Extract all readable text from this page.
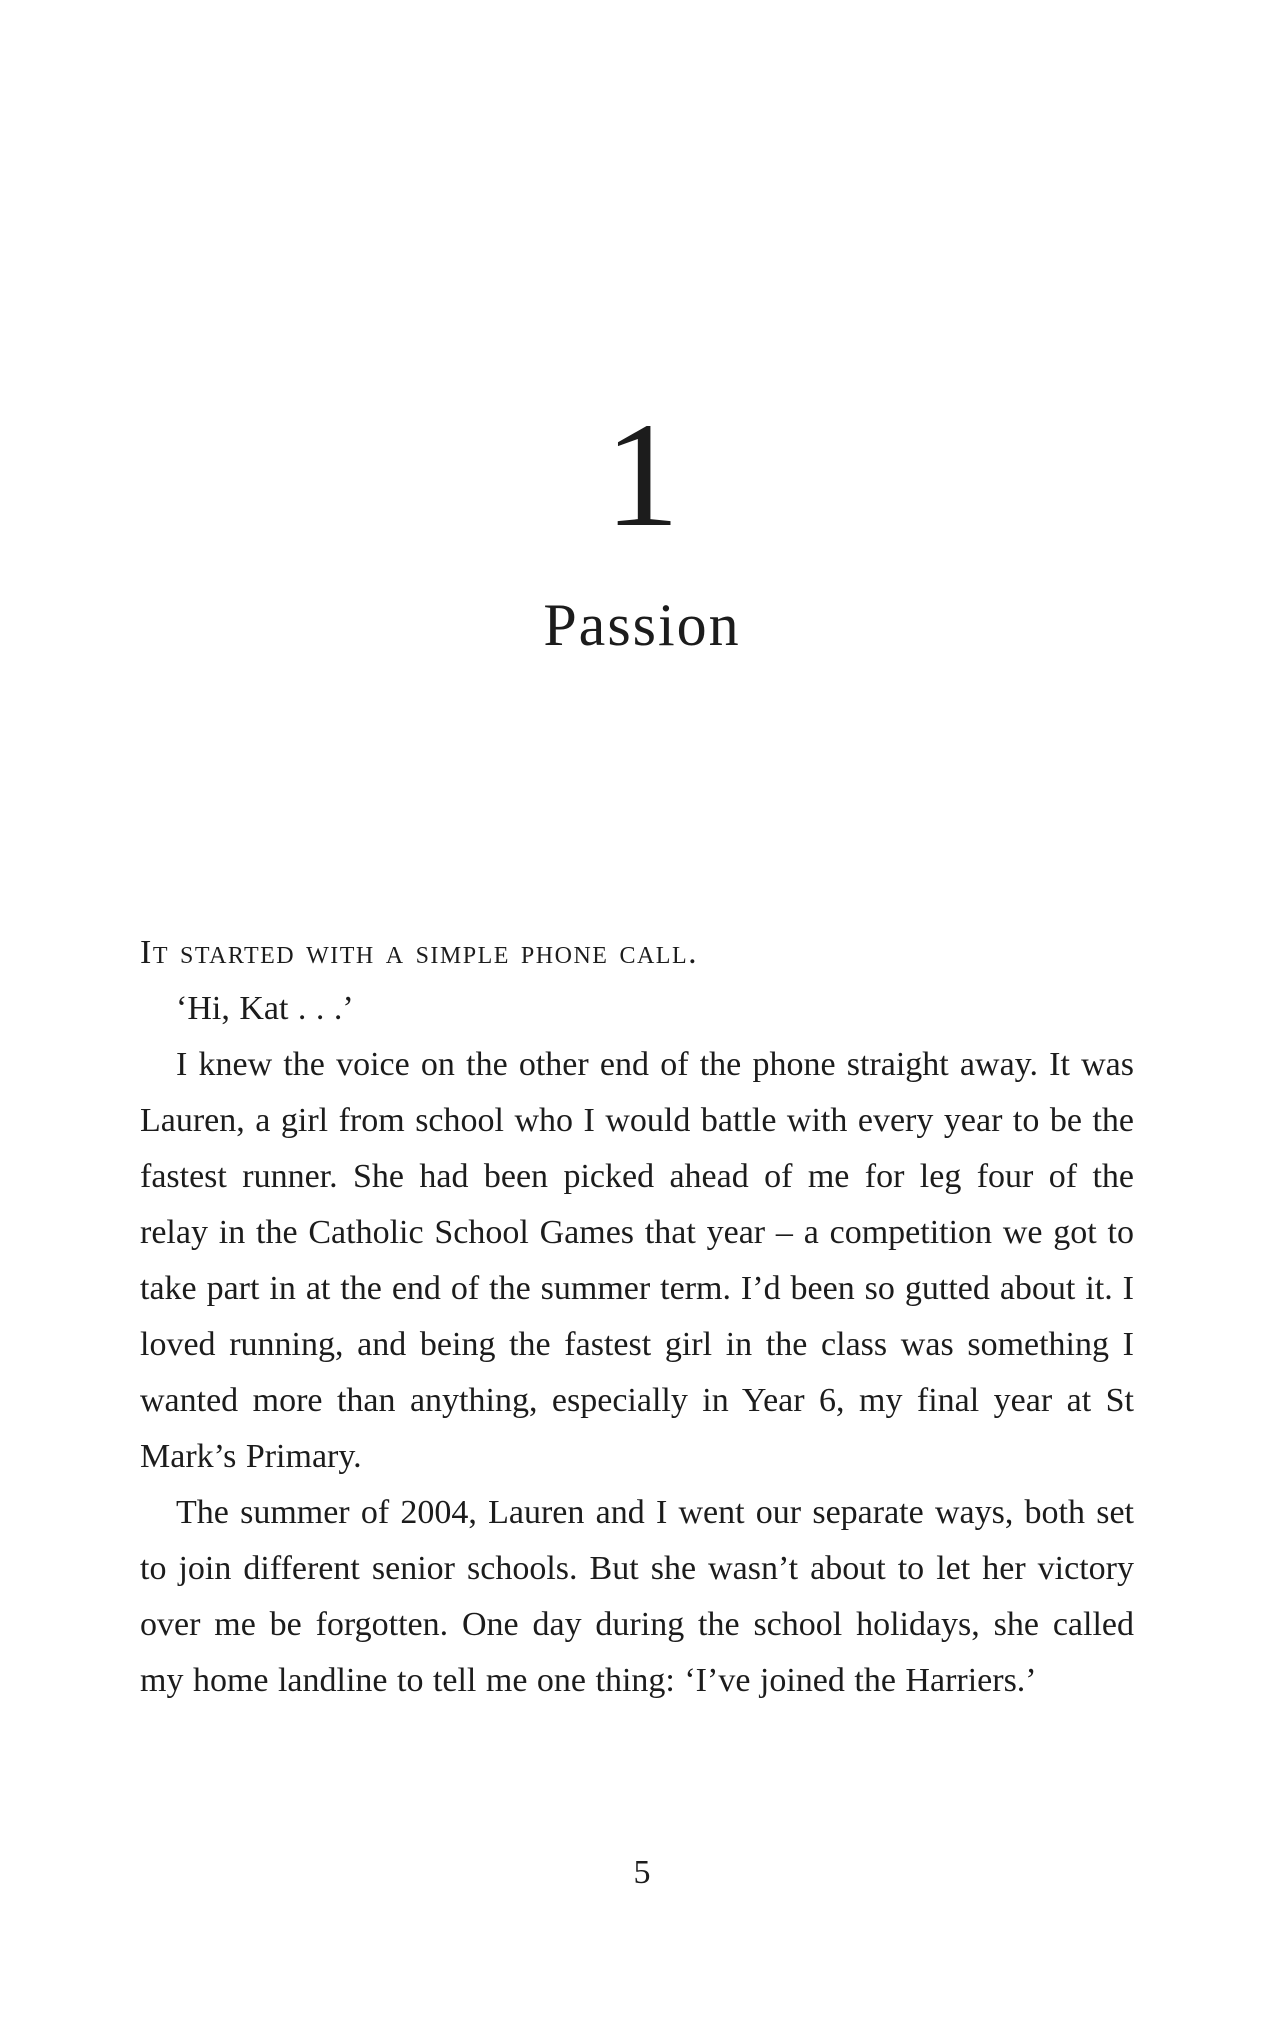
1
Passion

It started with a simple phone call.

‘Hi, Kat . . .’

I knew the voice on the other end of the phone straight away. It was Lauren, a girl from school who I would battle with every year to be the fastest runner. She had been picked ahead of me for leg four of the relay in the Catholic School Games that year – a competition we got to take part in at the end of the summer term. I’d been so gutted about it. I loved running, and being the fastest girl in the class was something I wanted more than anything, especially in Year 6, my final year at St Mark’s Primary.

The summer of 2004, Lauren and I went our separate ways, both set to join different senior schools. But she wasn’t about to let her victory over me be forgotten. One day during the school holidays, she called my home landline to tell me one thing: ‘I’ve joined the Harriers.’

5
